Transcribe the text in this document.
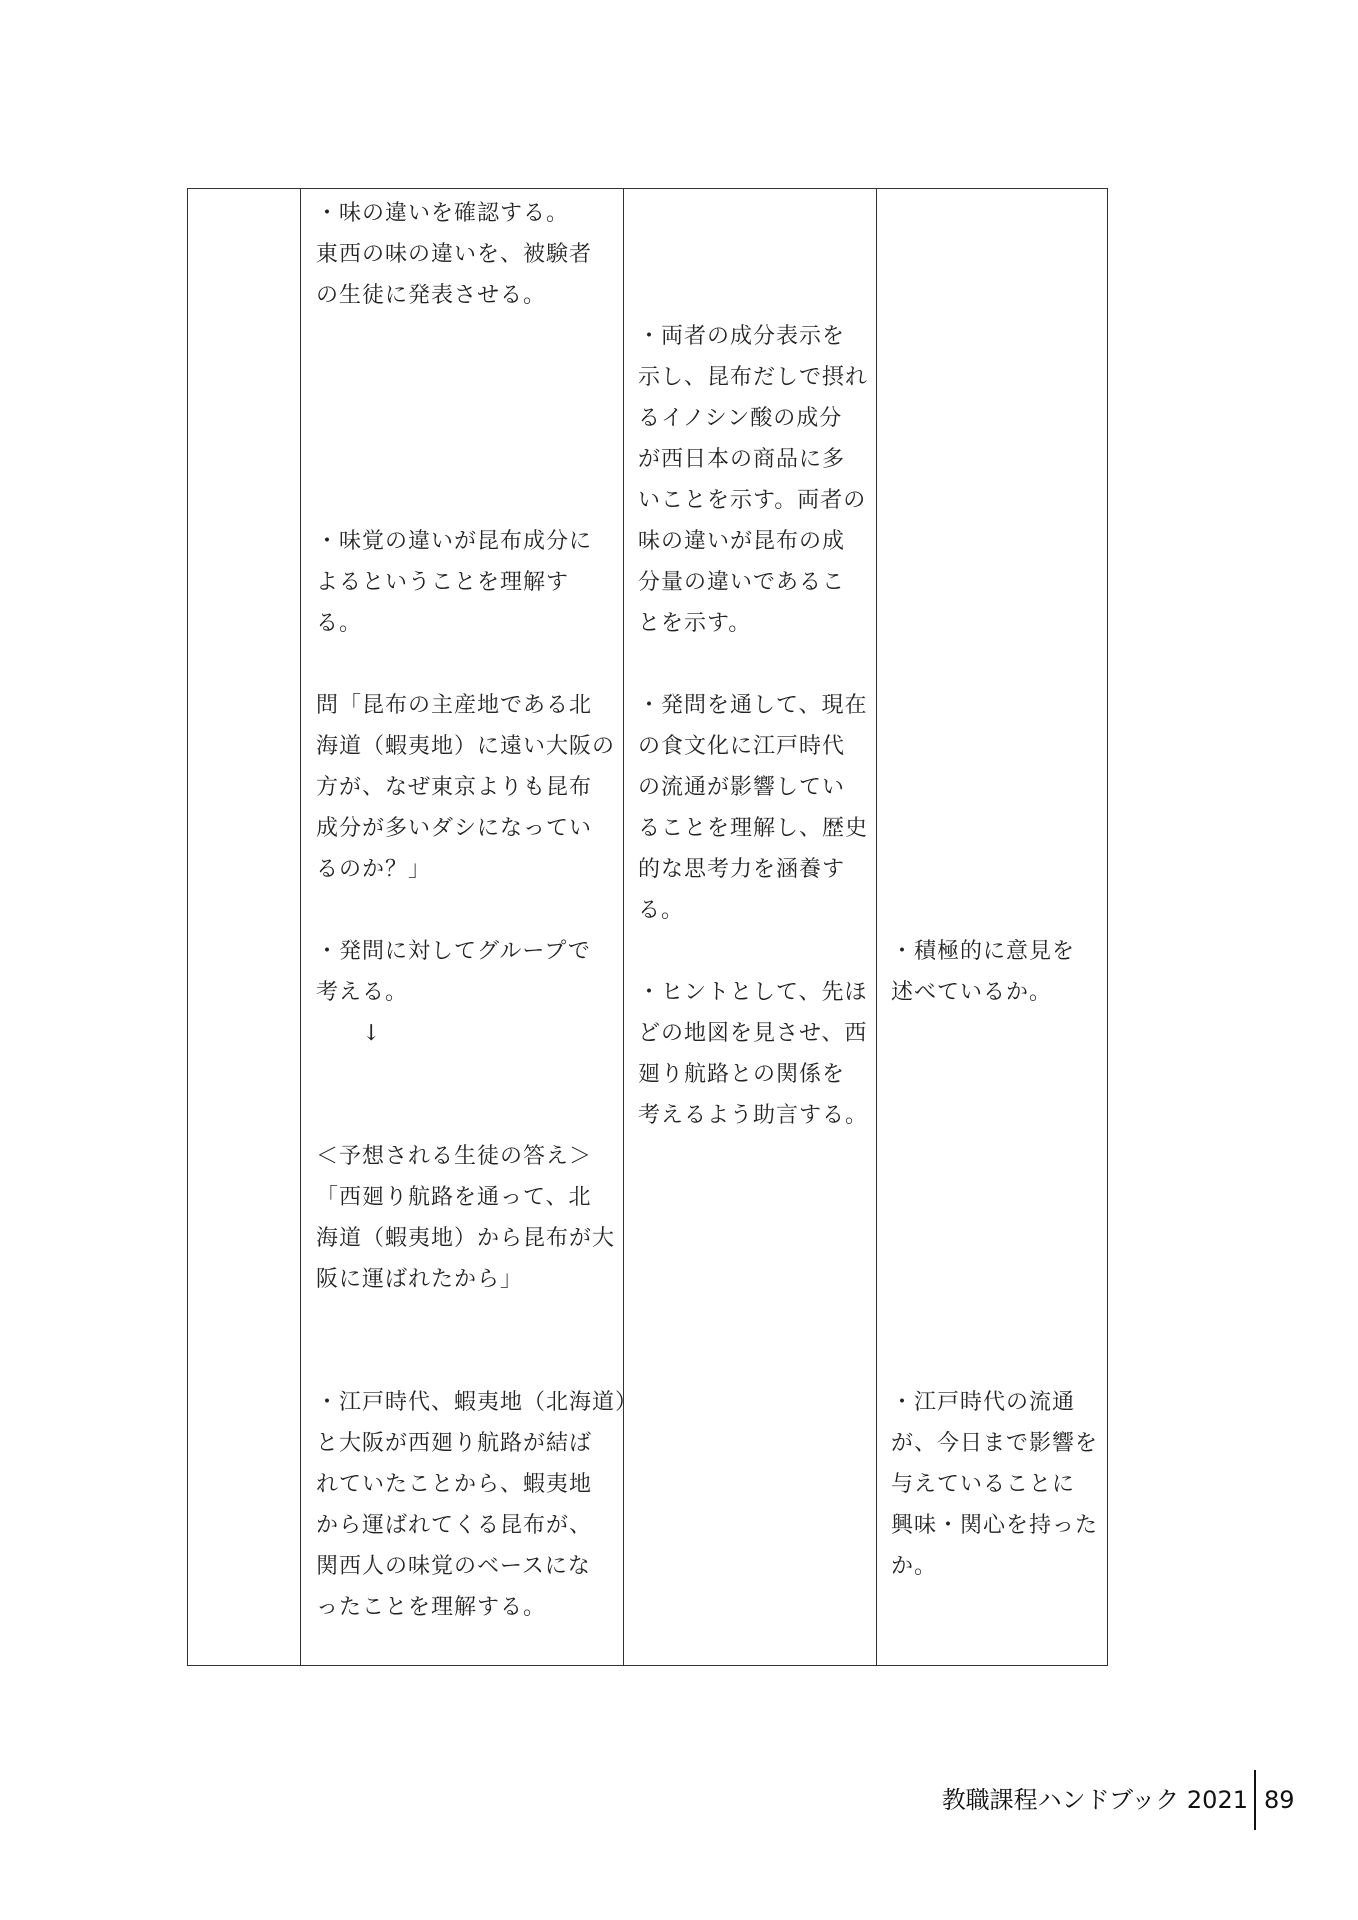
・味の違いを確認する。
東西の味の違いを、被験者
の生徒に発表させる。

・味覚の違いが昆布成分に
よるということを理解す
る。

問「昆布の主産地である北
海道（蝦夷地）に遠い大阪の
方が、なぜ東京よりも昆布
成分が多いダシになってい
るのか？」

・発問に対してグループで
考える。
　　↓

＜予想される生徒の答え＞
「西廻り航路を通って、北
海道（蝦夷地）から昆布が大
阪に運ばれたから」

・江戸時代、蝦夷地（北海道）
と大阪が西廻り航路が結ば
れていたことから、蝦夷地
から運ばれてくる昆布が、
関西人の味覚のベースにな
ったことを理解する。

・両者の成分表示を
示し、昆布だしで摂れ
るイノシン酸の成分
が西日本の商品に多
いことを示す。両者の
味の違いが昆布の成
分量の違いであるこ
とを示す。

・発問を通して、現在
の食文化に江戸時代
の流通が影響してい
ることを理解し、歴史
的な思考力を涵養す
る。

・ヒントとして、先ほ
どの地図を見させ、西
廻り航路との関係を
考えるよう助言する。

・積極的に意見を
述べているか。

・江戸時代の流通
が、今日まで影響を
与えていることに
興味・関心を持った
か。

教職課程ハンドブック 2021 89
